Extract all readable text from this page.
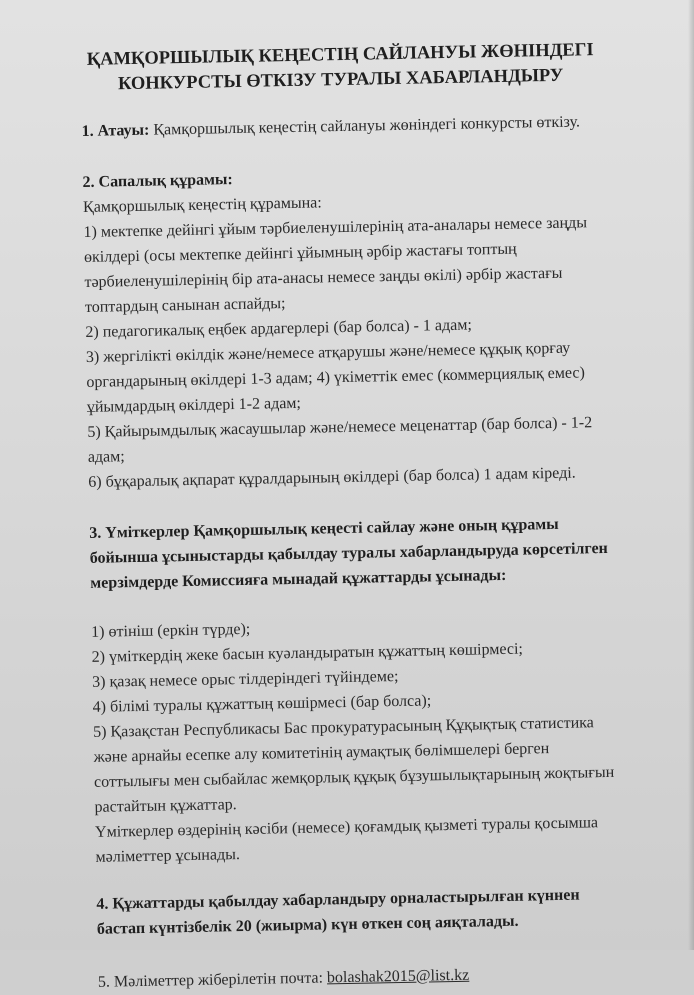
ҚАМҚОРШЫЛЫҚ КЕҢЕСТІҢ САЙЛАНУЫ ЖӨНІНДЕГІ
КОНКУРСТЫ ӨТКІЗУ ТУРАЛЫ ХАБАРЛАНДЫРУ
1. Атауы: Қамқоршылық кеңестің сайлануы жөніндегі конкурсты өткізу.
2. Сапалық құрамы:
Қамқоршылық кеңестің құрамына:
1) мектепке дейінгі ұйым тәрбиеленушілерінің ата-аналары немесе заңды
өкілдері (осы мектепке дейінгі ұйымның әрбір жастағы топтың
тәрбиеленушілерінің бір ата-анасы немесе заңды өкілі) әрбір жастағы
топтардың санынан аспайды;
2) педагогикалық еңбек ардагерлері (бар болса) - 1 адам;
3) жергілікті өкілдік және/немесе атқарушы және/немесе құқық қорғау
органдарының өкілдері 1-3 адам; 4) үкіметтік емес (коммерциялық емес)
ұйымдардың өкілдері 1-2 адам;
5) Қайырымдылық жасаушылар және/немесе меценаттар (бар болса) - 1-2
адам;
6) бұқаралық ақпарат құралдарының өкілдері (бар болса) 1 адам кіреді.
3. Үміткерлер Қамқоршылық кеңесті сайлау және оның құрамы
бойынша ұсыныстарды қабылдау туралы хабарландыруда көрсетілген
мерзімдерде Комиссияға мынадай құжаттарды ұсынады:
1) өтініш (еркін түрде);
2) үміткердің жеке басын куәландыратын құжаттың көшірмесі;
3) қазақ немесе орыс тілдеріндегі түйіндеме;
4) білімі туралы құжаттың көшірмесі (бар болса);
5) Қазақстан Республикасы Бас прокуратурасының Құқықтық статистика
және арнайы есепке алу комитетінің аумақтық бөлімшелері берген
соттылығы мен сыбайлас жемқорлық құқық бұзушылықтарының жоқтығын
растайтын құжаттар.
Үміткерлер өздерінің кәсіби (немесе) қоғамдық қызметі туралы қосымша
мәліметтер ұсынады.
4. Құжаттарды қабылдау хабарландыру орналастырылған күннен
бастап күнтізбелік 20 (жиырма) күн өткен соң аяқталады.
5. Мәліметтер жіберілетін почта: bolashak2015@list.kz
